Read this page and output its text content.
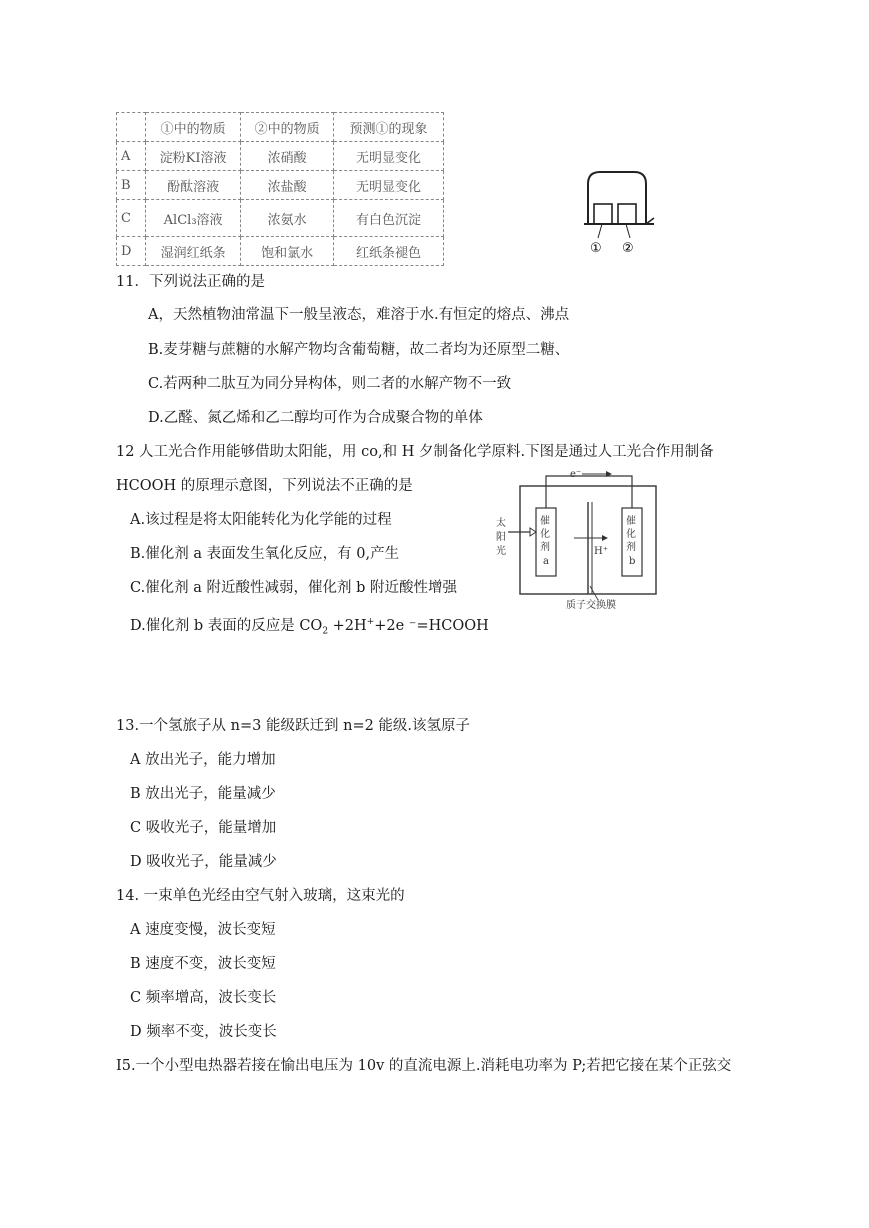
	①中的物质	②中的物质	预测①的现象
A	淀粉KI溶液	浓硝酸	无明显变化
B	酚酞溶液	浓盐酸	无明显变化
C	AlCl₃溶液	浓氨水	有白色沉淀
D	湿润红纸条	饱和氯水	红纸条褪色	① ②
11．下列说法正确的是
A，天然植物油常温下一般呈液态，难溶于水.有恒定的熔点、沸点
B.麦芽糖与蔗糖的水解产物均含葡萄糖，故二者均为还原型二糖、
C.若两种二肽互为同分异构体，则二者的水解产物不一致
D.乙醛、氮乙烯和乙二醇均可作为合成聚合物的单体
12 人工光合作用能够借助太阳能，用 co,和 H 夕制备化学原料.下图是通过人工光合作用制备
HCOOH 的原理示意图，下列说法不正确的是
A.该过程是将太阳能转化为化学能的过程
B.催化剂 a 表面发生氧化反应，有 0,产生
C.催化剂 a 附近酸性减弱，催化剂 b 附近酸性增强
D.催化剂 b 表面的反应是 $CO_2 +2H^++2e$ ⁻=HCOOH
e⁻
催
化
剂
a
催
化
剂
b
H⁺
太
阳
光
质子交换膜
13.一个氢旅子从 n=3 能级跃迁到 n=2 能级.该氢原子
A 放出光子，能力增加
B 放出光子，能量减少
C 吸收光子，能量增加
D 吸收光子，能量减少
14. 一束单色光经由空气射入玻璃，这束光的
A 速度变慢，波长变短
B 速度不变，波长变短
C 频率增高，波长变长
D 频率不变，波长变长
I5.一个小型电热器若接在愉出电压为 10v 的直流电源上.消耗电功率为 P;若把它接在某个正弦交
